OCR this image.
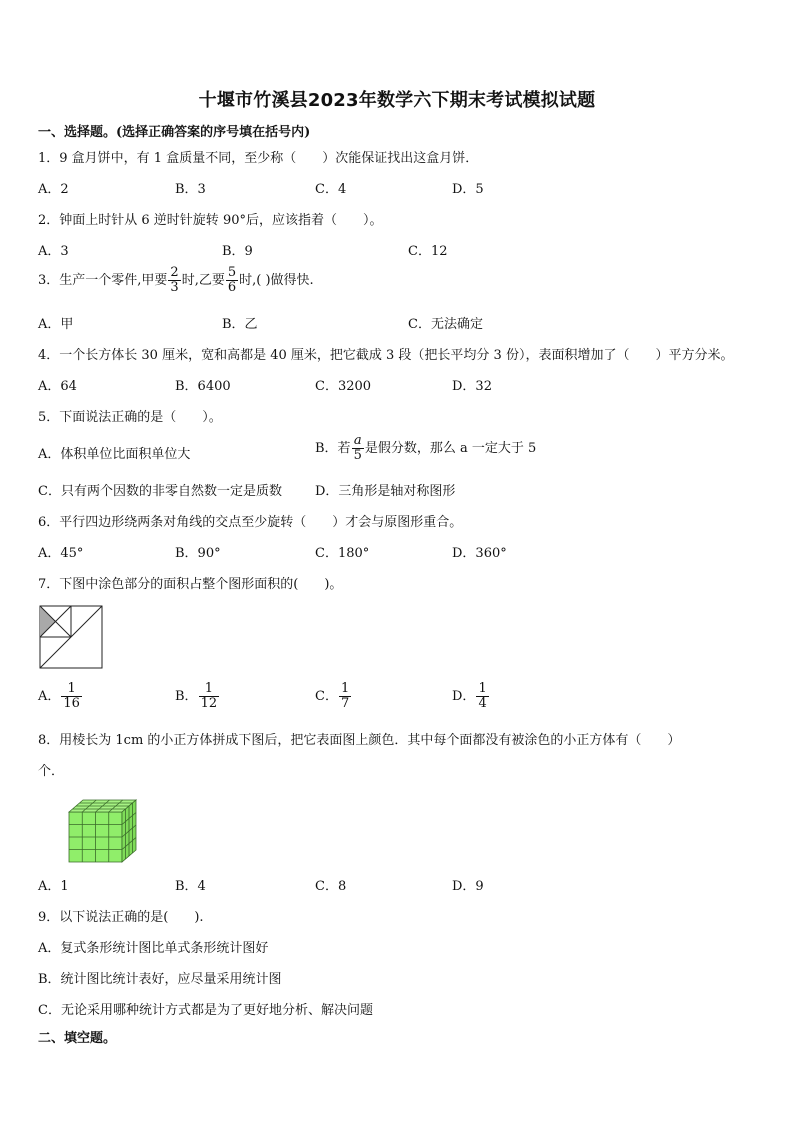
十堰市竹溪县2023年数学六下期末考试模拟试题
一、选择题。(选择正确答案的序号填在括号内)
1．9 盒月饼中，有 1 盒质量不同，至少称（　　）次能保证找出这盒月饼．
A．2	B．3	C．4	D．5
2．钟面上时针从 6 逆时针旋转 90°后，应该指着（　　）。
A．3	B．9	C．12
3．生产一个零件,甲要 $\frac{2}{3}$ 时,乙要 $\frac{5}{6}$ 时,( )做得快.
A．甲	B．乙	C．无法确定
4．一个长方体长 30 厘米，宽和高都是 40 厘米，把它截成 3 段（把长平均分 3 份），表面积增加了（　　）平方分米。
A．64	B．6400	C．3200	D．32
5．下面说法正确的是（　　）。
A．体积单位比面积单位大	B．若 $\frac{a}{5}$ 是假分数，那么 a 一定大于 5
C．只有两个因数的非零自然数一定是质数	D．三角形是轴对称图形
6．平行四边形绕两条对角线的交点至少旋转（　　）才会与原图形重合。
A．45°	B．90°	C．180°	D．360°
7．下图中涂色部分的面积占整个图形面积的(　　)。
A． $\frac{1}{16}$	B． $\frac{1}{12}$	C． $\frac{1}{7}$	D． $\frac{1}{4}$
8．用棱长为 1cm 的小正方体拼成下图后，把它表面图上颜色．其中每个面都没有被涂色的小正方体有（　　）
个．
A．1	B．4	C．8	D．9
9．以下说法正确的是(　　).
A．复式条形统计图比单式条形统计图好
B．统计图比统计表好，应尽量采用统计图
C．无论采用哪种统计方式都是为了更好地分析、解决问题
二、填空题。
